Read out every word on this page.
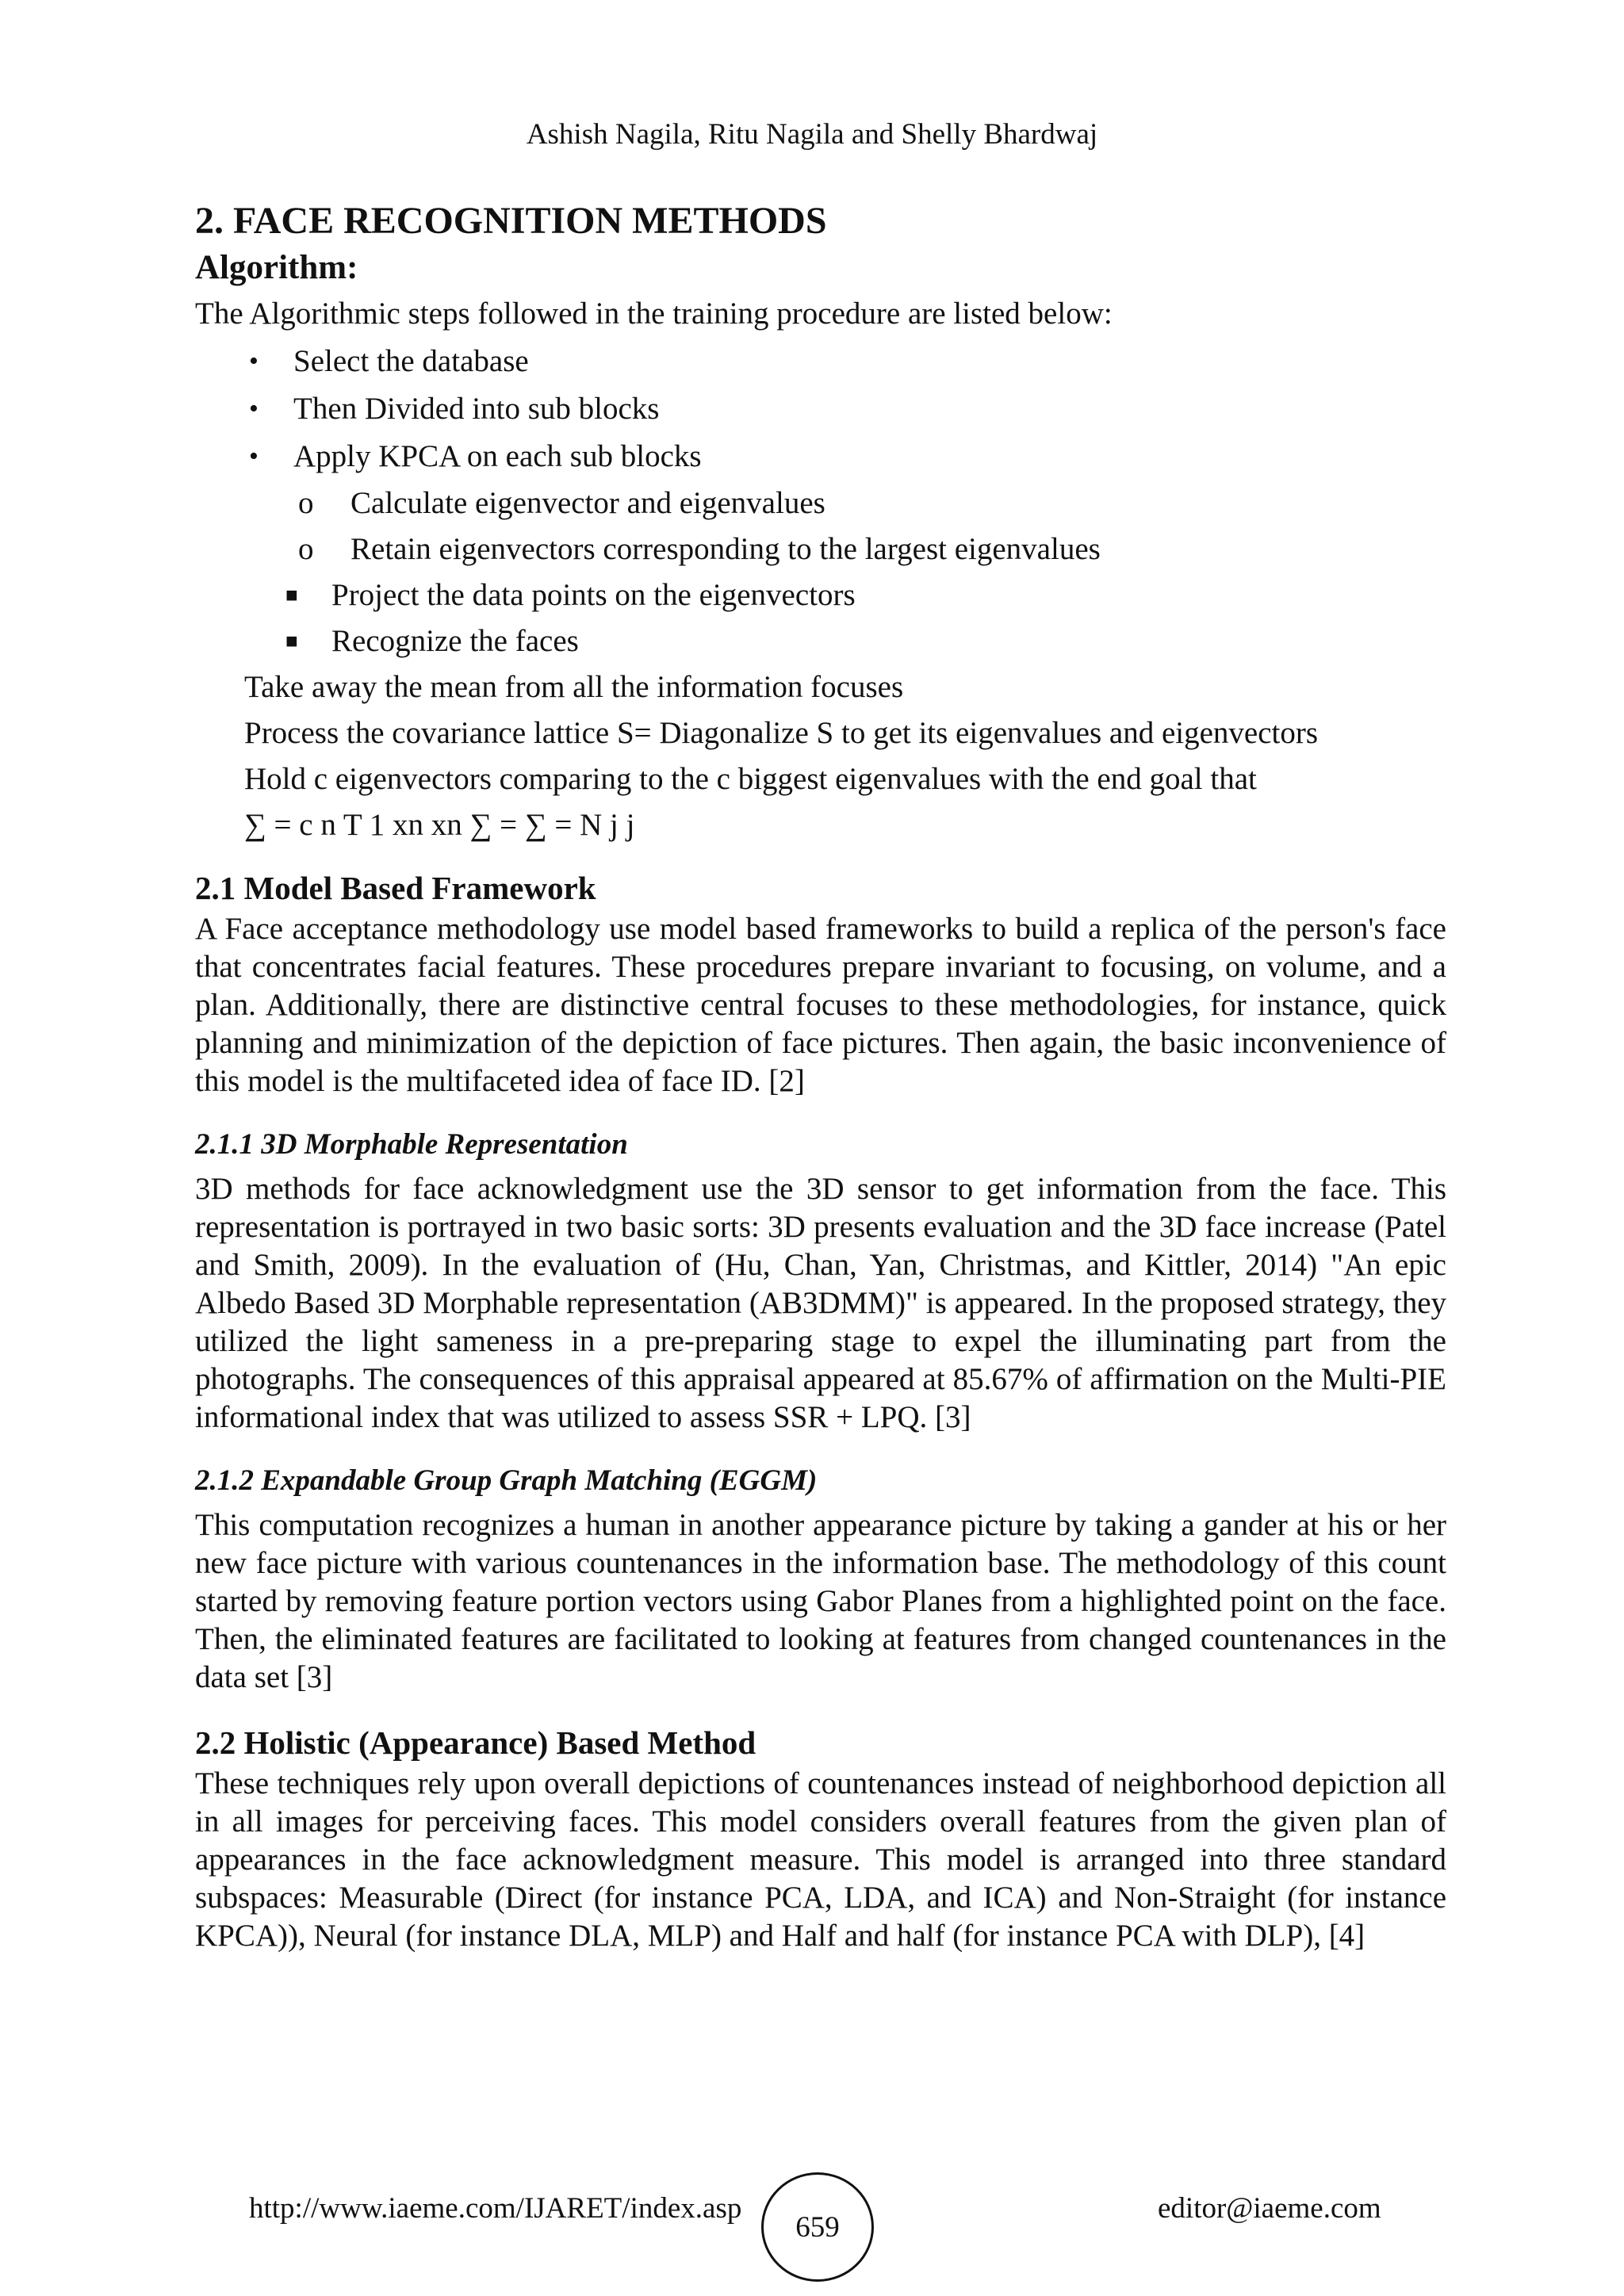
Ashish Nagila, Ritu Nagila and Shelly Bhardwaj
2. FACE RECOGNITION METHODS
Algorithm:

The Algorithmic steps followed in the training procedure are listed below:

• Select the database
• Then Divided into sub blocks
• Apply KPCA on each sub blocks
o Calculate eigenvector and eigenvalues
o Retain eigenvectors corresponding to the largest eigenvalues
■ Project the data points on the eigenvectors
■ Recognize the faces

Take away the mean from all the information focuses

Process the covariance lattice S= Diagonalize S to get its eigenvalues and eigenvectors

Hold c eigenvectors comparing to the c biggest eigenvalues with the end goal that

∑ = c n T 1 xn xn ∑ = ∑ = N j j

2.1 Model Based Framework

A Face acceptance methodology use model based frameworks to build a replica of the person's face that concentrates facial features. These procedures prepare invariant to focusing, on volume, and a plan. Additionally, there are distinctive central focuses to these methodologies, for instance, quick planning and minimization of the depiction of face pictures. Then again, the basic inconvenience of this model is the multifaceted idea of face ID. [2]

2.1.1 3D Morphable Representation

3D methods for face acknowledgment use the 3D sensor to get information from the face. This representation is portrayed in two basic sorts: 3D presents evaluation and the 3D face increase (Patel and Smith, 2009). In the evaluation of (Hu, Chan, Yan, Christmas, and Kittler, 2014) "An epic Albedo Based 3D Morphable representation (AB3DMM)" is appeared. In the proposed strategy, they utilized the light sameness in a pre-preparing stage to expel the illuminating part from the photographs. The consequences of this appraisal appeared at 85.67% of affirmation on the Multi-PIE informational index that was utilized to assess SSR + LPQ. [3]

2.1.2 Expandable Group Graph Matching (EGGM)

This computation recognizes a human in another appearance picture by taking a gander at his or her new face picture with various countenances in the information base. The methodology of this count started by removing feature portion vectors using Gabor Planes from a highlighted point on the face. Then, the eliminated features are facilitated to looking at features from changed countenances in the data set [3]

2.2 Holistic (Appearance) Based Method

These techniques rely upon overall depictions of countenances instead of neighborhood depiction all in all images for perceiving faces. This model considers overall features from the given plan of appearances in the face acknowledgment measure. This model is arranged into three standard subspaces: Measurable (Direct (for instance PCA, LDA, and ICA) and Non-Straight (for instance KPCA)), Neural (for instance DLA, MLP) and Half and half (for instance PCA with DLP), [4]

http://www.iaeme.com/IJARET/index.asp
659
editor@iaeme.com
